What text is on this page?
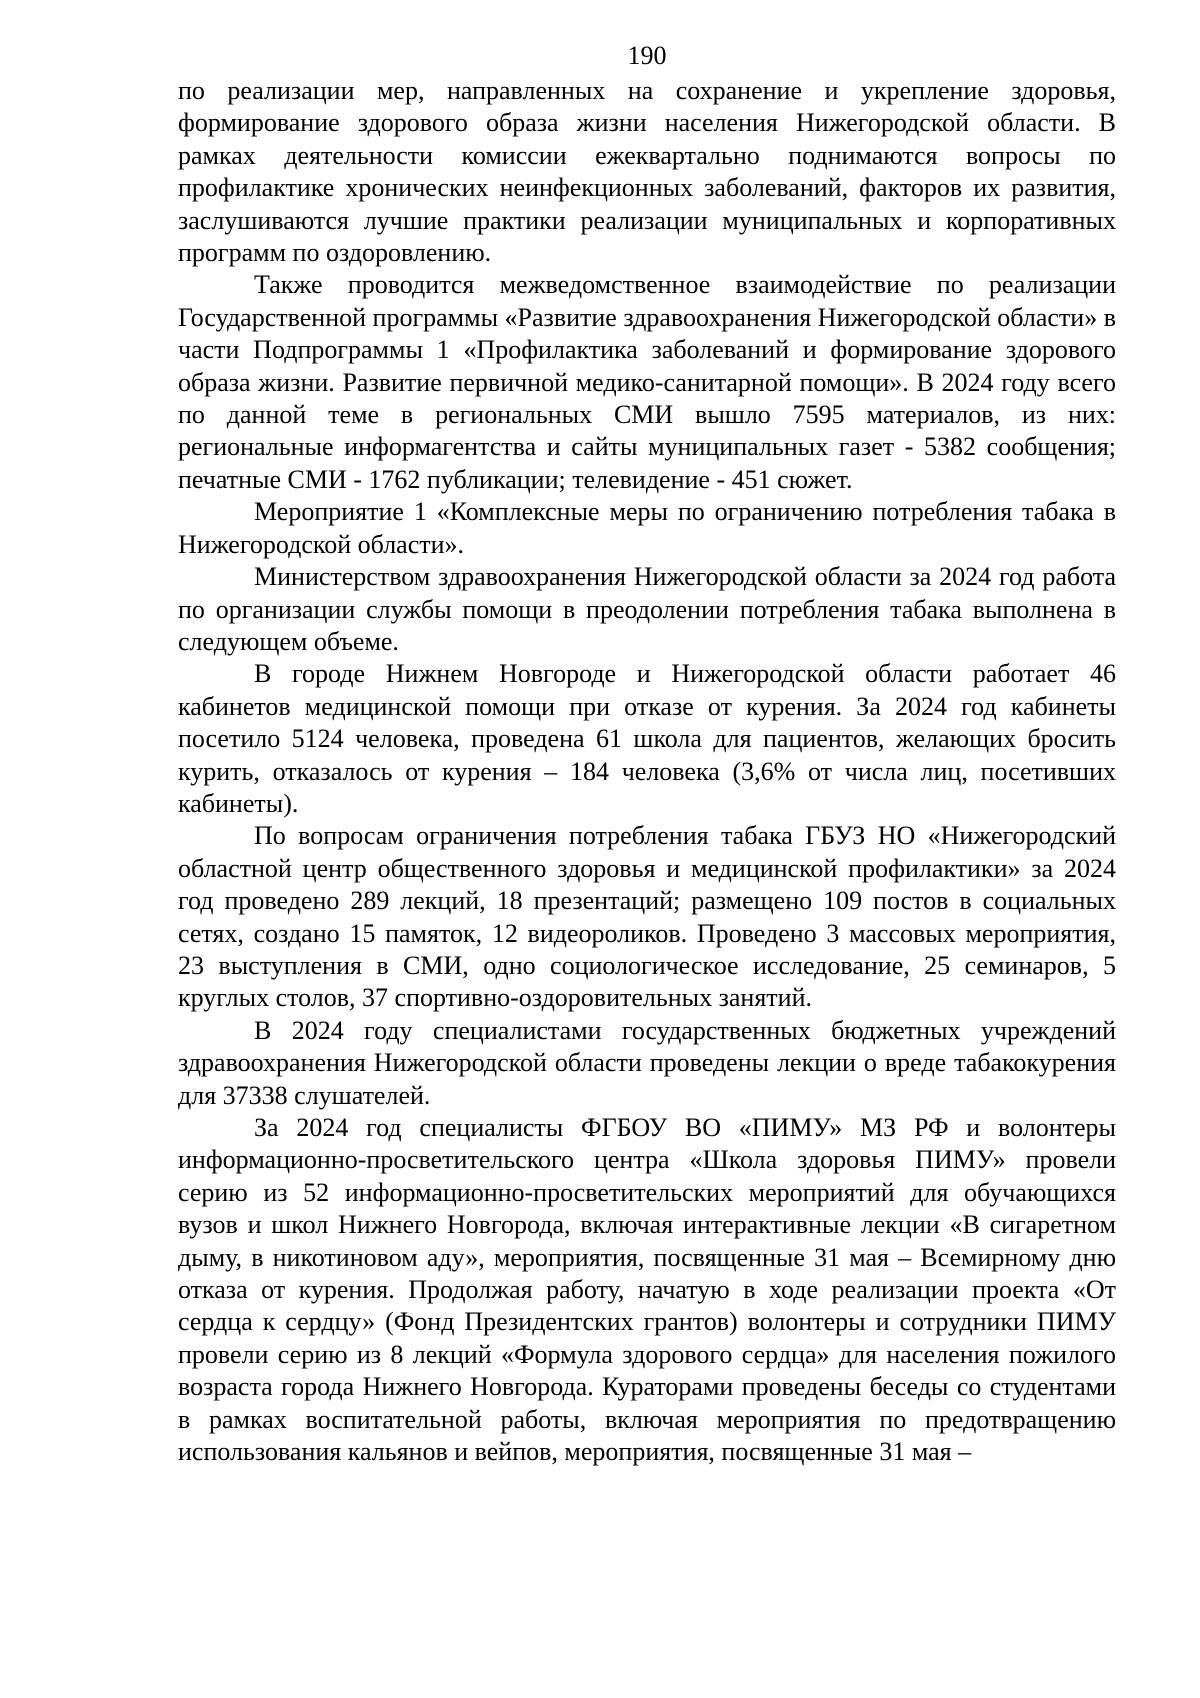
190

по реализации мер, направленных на сохранение и укрепление здоровья, формирование здорового образа жизни населения Нижегородской области. В рамках деятельности комиссии ежеквартально поднимаются вопросы по профилактике хронических неинфекционных заболеваний, факторов их развития, заслушиваются лучшие практики реализации муниципальных и корпоративных программ по оздоровлению.

Также проводится межведомственное взаимодействие по реализации Государственной программы «Развитие здравоохранения Нижегородской области» в части Подпрограммы 1 «Профилактика заболеваний и формирование здорового образа жизни. Развитие первичной медико-санитарной помощи». В 2024 году всего по данной теме в региональных СМИ вышло 7595 материалов, из них: региональные информагентства и сайты муниципальных газет - 5382 сообщения; печатные СМИ - 1762 публикации; телевидение - 451 сюжет.

Мероприятие 1 «Комплексные меры по ограничению потребления табака в Нижегородской области».

Министерством здравоохранения Нижегородской области за 2024 год работа по организации службы помощи в преодолении потребления табака выполнена в следующем объеме.

В городе Нижнем Новгороде и Нижегородской области работает 46 кабинетов медицинской помощи при отказе от курения. За 2024 год кабинеты посетило 5124 человека, проведена 61 школа для пациентов, желающих бросить курить, отказалось от курения – 184 человека (3,6% от числа лиц, посетивших кабинеты).

По вопросам ограничения потребления табака ГБУЗ НО «Нижегородский областной центр общественного здоровья и медицинской профилактики» за 2024 год проведено 289 лекций, 18 презентаций; размещено 109 постов в социальных сетях, создано 15 памяток, 12 видеороликов. Проведено 3 массовых мероприятия, 23 выступления в СМИ, одно социологическое исследование, 25 семинаров, 5 круглых столов, 37 спортивно-оздоровительных занятий.

В 2024 году специалистами государственных бюджетных учреждений здравоохранения Нижегородской области проведены лекции о вреде табакокурения для 37338 слушателей.

За 2024 год специалисты ФГБОУ ВО «ПИМУ» МЗ РФ и волонтеры информационно-просветительского центра «Школа здоровья ПИМУ» провели серию из 52 информационно-просветительских мероприятий для обучающихся вузов и школ Нижнего Новгорода, включая интерактивные лекции «В сигаретном дыму, в никотиновом аду», мероприятия, посвященные 31 мая – Всемирному дню отказа от курения. Продолжая работу, начатую в ходе реализации проекта «От сердца к сердцу» (Фонд Президентских грантов) волонтеры и сотрудники ПИМУ провели серию из 8 лекций «Формула здорового сердца» для населения пожилого возраста города Нижнего Новгорода. Кураторами проведены беседы со студентами в рамках воспитательной работы, включая мероприятия по предотвращению использования кальянов и вейпов, мероприятия, посвященные 31 мая –
